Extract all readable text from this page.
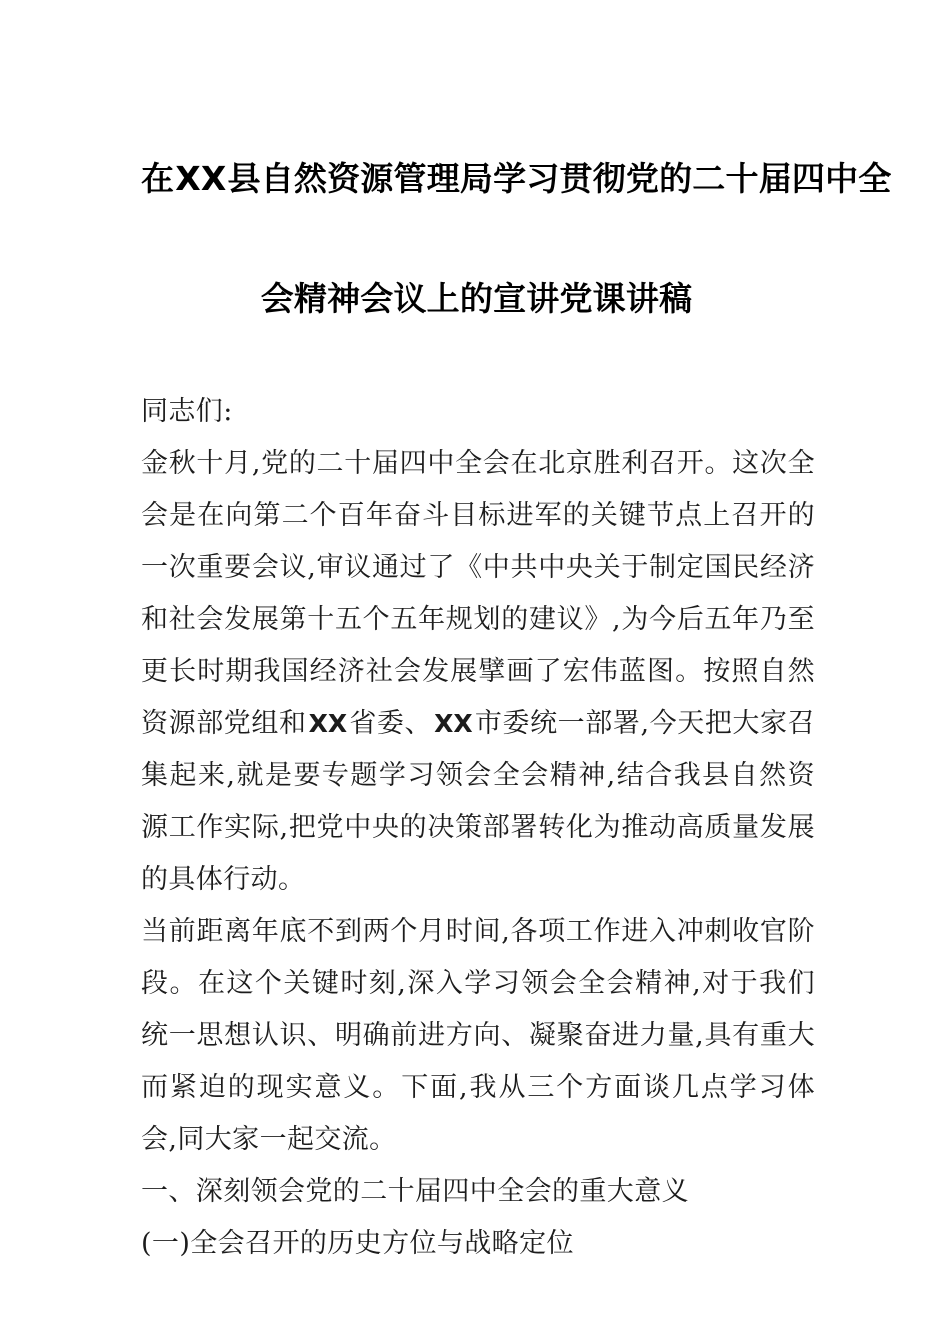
在XX县自然资源管理局学习贯彻党的二十届四中全
会精神会议上的宣讲党课讲稿

同志们:

金秋十月,党的二十届四中全会在北京胜利召开。这次全会是在向第二个百年奋斗目标进军的关键节点上召开的一次重要会议,审议通过了《中共中央关于制定国民经济和社会发展第十五个五年规划的建议》,为今后五年乃至更长时期我国经济社会发展擘画了宏伟蓝图。按照自然资源部党组和XX省委、XX市委统一部署,今天把大家召集起来,就是要专题学习领会全会精神,结合我县自然资源工作实际,把党中央的决策部署转化为推动高质量发展的具体行动。

当前距离年底不到两个月时间,各项工作进入冲刺收官阶段。在这个关键时刻,深入学习领会全会精神,对于我们统一思想认识、明确前进方向、凝聚奋进力量,具有重大而紧迫的现实意义。下面,我从三个方面谈几点学习体会,同大家一起交流。

一、深刻领会党的二十届四中全会的重大意义

(一)全会召开的历史方位与战略定位
